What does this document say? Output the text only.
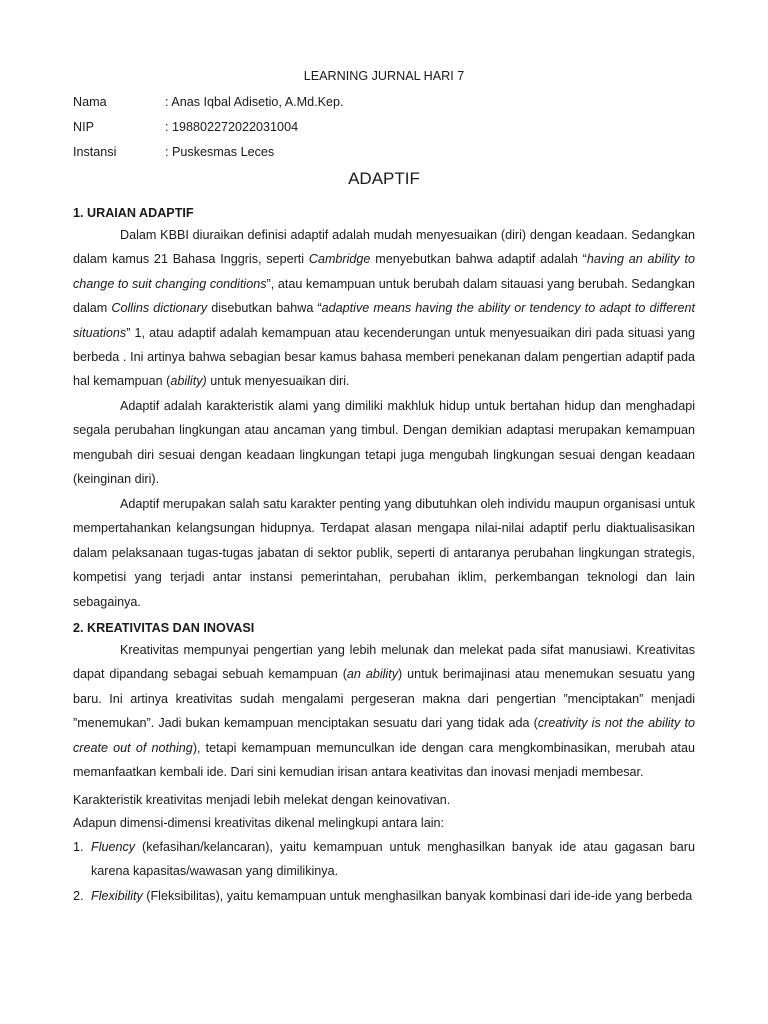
LEARNING JURNAL HARI 7
Nama	: Anas Iqbal Adisetio, A.Md.Kep.
NIP	: 198802272022031004
Instansi	: Puskesmas Leces
ADAPTIF
1. URAIAN ADAPTIF

Dalam KBBI diuraikan definisi adaptif adalah mudah menyesuaikan (diri) dengan keadaan. Sedangkan dalam kamus 21 Bahasa Inggris, seperti Cambridge menyebutkan bahwa adaptif adalah “having an ability to change to suit changing conditions”, atau kemampuan untuk berubah dalam sitauasi yang berubah. Sedangkan dalam Collins dictionary disebutkan bahwa “adaptive means having the ability or tendency to adapt to different situations” 1, atau adaptif adalah kemampuan atau kecenderungan untuk menyesuaikan diri pada situasi yang berbeda . Ini artinya bahwa sebagian besar kamus bahasa memberi penekanan dalam pengertian adaptif pada hal kemampuan (ability) untuk menyesuaikan diri.

Adaptif adalah karakteristik alami yang dimiliki makhluk hidup untuk bertahan hidup dan menghadapi segala perubahan lingkungan atau ancaman yang timbul. Dengan demikian adaptasi merupakan kemampuan mengubah diri sesuai dengan keadaan lingkungan tetapi juga mengubah lingkungan sesuai dengan keadaan (keinginan diri).

Adaptif merupakan salah satu karakter penting yang dibutuhkan oleh individu maupun organisasi untuk mempertahankan kelangsungan hidupnya. Terdapat alasan mengapa nilai-nilai adaptif perlu diaktualisasikan dalam pelaksanaan tugas-tugas jabatan di sektor publik, seperti di antaranya perubahan lingkungan strategis, kompetisi yang terjadi antar instansi pemerintahan, perubahan iklim, perkembangan teknologi dan lain sebagainya.

2. KREATIVITAS DAN INOVASI

Kreativitas mempunyai pengertian yang lebih melunak dan melekat pada sifat manusiawi. Kreativitas dapat dipandang sebagai sebuah kemampuan (an ability) untuk berimajinasi atau menemukan sesuatu yang baru. Ini artinya kreativitas sudah mengalami pergeseran makna dari pengertian ”menciptakan” menjadi ”menemukan”. Jadi bukan kemampuan menciptakan sesuatu dari yang tidak ada (creativity is not the ability to create out of nothing), tetapi kemampuan memunculkan ide dengan cara mengkombinasikan, merubah atau memanfaatkan kembali ide. Dari sini kemudian irisan antara keativitas dan inovasi menjadi membesar.

Karakteristik kreativitas menjadi lebih melekat dengan keinovativan.
Adapun dimensi-dimensi kreativitas dikenal melingkupi antara lain:
1. Fluency (kefasihan/kelancaran), yaitu kemampuan untuk menghasilkan banyak ide atau gagasan baru karena kapasitas/wawasan yang dimilikinya.
2. Flexibility (Fleksibilitas), yaitu kemampuan untuk menghasilkan banyak kombinasi dari ide-ide yang berbeda
